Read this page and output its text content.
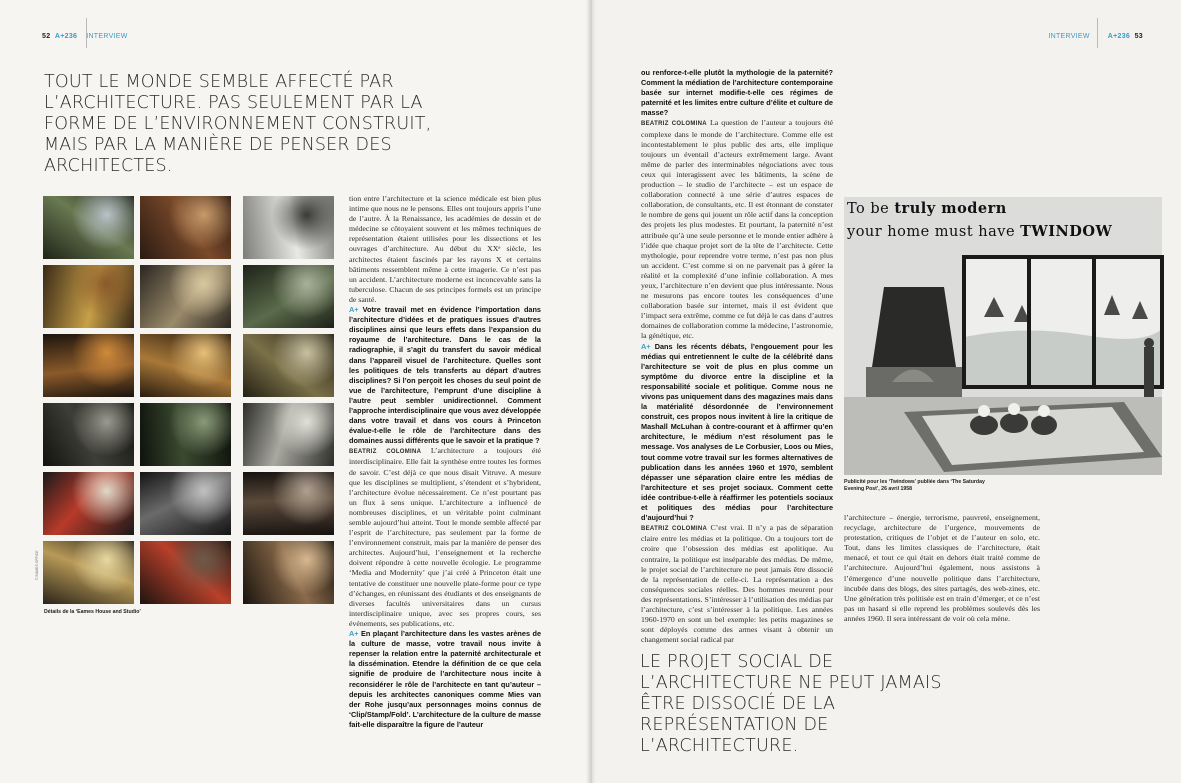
52 A+236 INTERVIEW	INTERVIEW	A+236 53
TOUT LE MONDE SEMBLE AFFECTÉ PAR L’ARCHITECTURE. PAS SEULEMENT PAR LA FORME DE L’ENVIRONNEMENT CONSTRUIT, MAIS PAR LA MANIÈRE DE PENSER DES ARCHITECTES.
LE PROJET SOCIAL DE L’ARCHITECTURE NE PEUT JAMAIS ÊTRE DISSOCIÉ DE LA REPRÉSENTATION DE L’ARCHITECTURE.
© EAMES OFFICE
Détails de la ‘Eames House and Studio’

tion entre l’architecture et la science médicale est bien plus intime que nous ne le pensons. Elles ont toujours appris l’une de l’autre. À la Renaissance, les académies de dessin et de médecine se côtoyaient souvent et les mêmes techniques de représentation étaient utilisées pour les dissections et les ouvrages d’architecture. Au début du XXᵉ siècle, les architectes étaient fascinés par les rayons X et certains bâtiments ressemblent même à cette imagerie. Ce n’est pas un accident. L’architecture moderne est inconcevable sans la tuberculose. Chacun de ses principes formels est un principe de santé.

A+ Votre travail met en évidence l’importation dans l’architecture d’idées et de pratiques issues d’autres disciplines ainsi que leurs effets dans l’expansion du royaume de l’architecture. Dans le cas de la radiographie, il s’agit du transfert du savoir médical dans l’appareil visuel de l’architecture. Quelles sont les politiques de tels transferts au départ d’autres disciplines? Si l’on perçoit les choses du seul point de vue de l’architecture, l’emprunt d’une discipline à l’autre peut sembler unidirectionnel. Comment l’approche interdisciplinaire que vous avez développée dans votre travail et dans vos cours à Princeton évalue-t-elle le rôle de l’architecture dans des domaines aussi différents que le savoir et la pratique ?

BEATRIZ COLOMINA L’architecture a toujours été interdisciplinaire. Elle fait la synthèse entre toutes les formes de savoir. C’est déjà ce que nous disait Vitruve. A mesure que les disciplines se multiplient, s’étendent et s’hybrident, l’architecture évolue nécessairement. Ce n’est pourtant pas un flux à sens unique. L’architecture a influencé de nombreuses disciplines, et un véritable point culminant semble aujourd’hui atteint. Tout le monde semble affecté par l’esprit de l’architecture, pas seulement par la forme de l’environnement construit, mais par la manière de penser des architectes. Aujourd’hui, l’enseignement et la recherche doivent répondre à cette nouvelle écologie. Le programme ‘Media and Modernity’ que j’ai créé à Princeton était une tentative de constituer une nouvelle plate-forme pour ce type d’échanges, en réunissant des étudiants et des enseignants de diverses facultés universitaires dans un cursus interdisciplinaire unique, avec ses propres cours, ses événements, ses publications, etc.

A+ En plaçant l’architecture dans les vastes arènes de la culture de masse, votre travail nous invite à repenser la relation entre la paternité architecturale et la dissémination. Etendre la définition de ce que cela signifie de produire de l’architecture nous incite à reconsidérer le rôle de l’architecte en tant qu’auteur – depuis les architectes canoniques comme Mies van der Rohe jusqu’aux personnages moins connus de ‘Clip/Stamp/Fold’. L’architecture de la culture de masse fait-elle disparaître la figure de l’auteur

ou renforce-t-elle plutôt la mythologie de la paternité? Comment la médiation de l’architecture contemporaine basée sur internet modifie-t-elle ces régimes de paternité et les limites entre culture d’élite et culture de masse?

BEATRIZ COLOMINA La question de l’auteur a toujours été complexe dans le monde de l’architecture. Comme elle est incontestablement le plus public des arts, elle implique toujours un éventail d’acteurs extrêmement large. Avant même de parler des interminables négociations avec tous ceux qui interagissent avec les bâtiments, la scène de production – le studio de l’architecte – est un espace de collaboration connecté à une série d’autres espaces de collaboration, de consultants, etc. Il est étonnant de constater le nombre de gens qui jouent un rôle actif dans la conception des projets les plus modestes. Et pourtant, la paternité n’est attribuée qu’à une seule personne et le monde entier adhère à l’idée que chaque projet sort de la tête de l’architecte. Cette mythologie, pour reprendre votre terme, n’est pas non plus un accident. C’est comme si on ne parvenait pas à gérer la réalité et la complexité d’une infinie collaboration. A mes yeux, l’architecture n’en devient que plus intéressante. Nous ne mesurons pas encore toutes les conséquences d’une collaboration basée sur internet, mais il est évident que l’impact sera extrême, comme ce fut déjà le cas dans d’autres domaines de collaboration comme la médecine, l’astronomie, la génétique, etc.

A+ Dans les récents débats, l’engouement pour les médias qui entretiennent le culte de la célébrité dans l’architecture se voit de plus en plus comme un symptôme du divorce entre la discipline et la responsabilité sociale et politique. Comme nous ne vivons pas uniquement dans des magazines mais dans la matérialité désordonnée de l’environnement construit, ces propos nous invitent à lire la critique de Mashall McLuhan à contre-courant et à affirmer qu’en architecture, le médium n’est résolument pas le message. Vos analyses de Le Corbusier, Loos ou Mies, tout comme votre travail sur les formes alternatives de publication dans les années 1960 et 1970, semblent dépasser une séparation claire entre les médias de l’architecture et ses projet sociaux. Comment cette idée contribue-t-elle à réaffirmer les potentiels sociaux et politiques des médias pour l’architecture d’aujourd’hui ?

BEATRIZ COLOMINA C’est vrai. Il n’y a pas de séparation claire entre les médias et la politique. On a toujours tort de croire que l’obsession des médias est apolitique. Au contraire, la politique est inséparable des médias. De même, le projet social de l’architecture ne peut jamais être dissocié de la représentation de celle-ci. La représentation a des conséquences sociales réelles. Des hommes meurent pour des représentations. S’intéresser à l’utilisation des médias par l’architecture, c’est s’intéresser à la politique. Les années 1960-1970 en sont un bel exemple: les petits magazines se sont déployés comme des armes visant à obtenir un changement social radical par

l’architecture – énergie, terrorisme, pauvreté, enseignement, recyclage, architecture de l’urgence, mouvements de protestation, critiques de l’objet et de l’auteur en solo, etc. Tout, dans les limites classiques de l’architecture, était menacé, et tout ce qui était en dehors était traité comme de l’architecture. Aujourd’hui également, nous assistons à l’émergence d’une nouvelle politique dans l’architecture, incubée dans des blogs, des sites partagés, des web-zines, etc. Une génération très politisée est en train d’émerger, et ce n’est pas un hasard si elle reprend les problèmes soulevés dès les années 1960. Il sera intéressant de voir où cela mène.

To be truly modern
your home must have TWINDOW
Publicité pour les ‘Twindows’ publiée dans ‘The Saturday Evening Post’, 26 avril 1958
